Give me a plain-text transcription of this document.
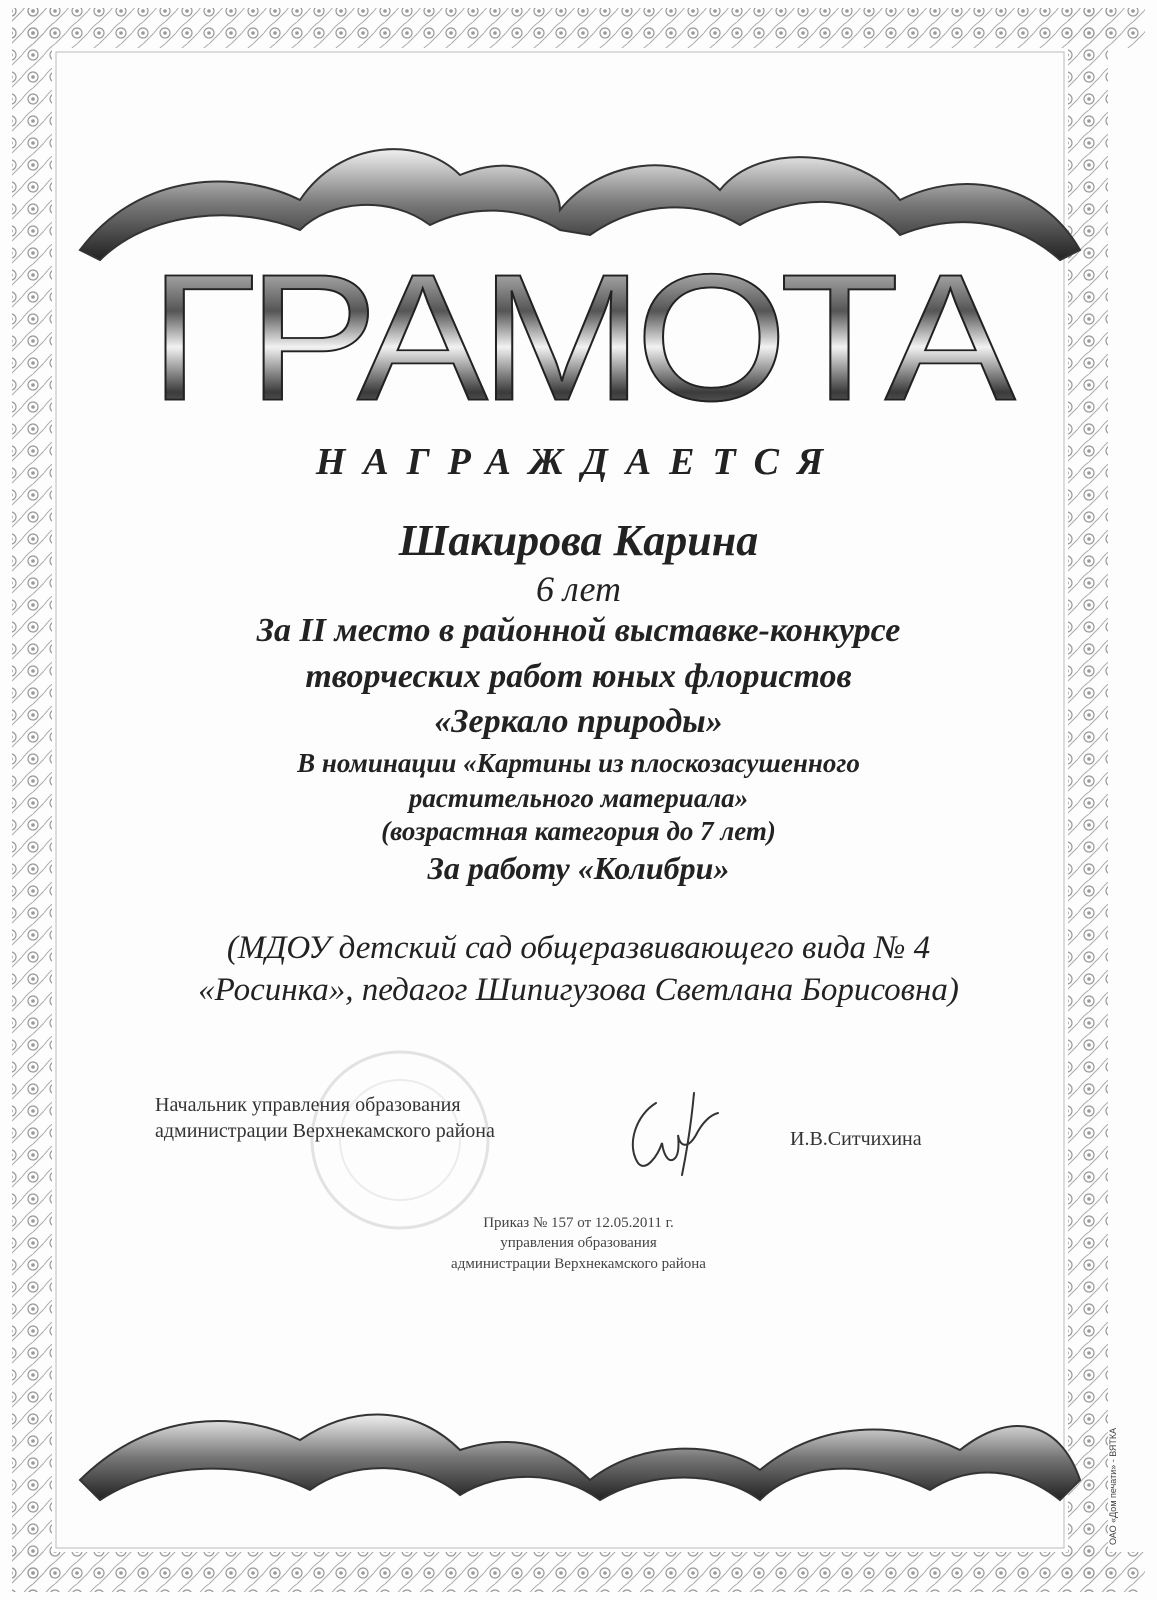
ГРАМОТА
НАГРАЖДАЕТСЯ
Шакирова Карина
6 лет
За II место в районной выставке-конкурсе
творческих работ юных флористов
«Зеркало природы»
В номинации «Картины из плоскозасушенного
растительного материала»
(возрастная категория до 7 лет)
За работу «Колибри»
(МДОУ детский сад общеразвивающего вида № 4
«Росинка», педагог Шипигузова Светлана Борисовна)
Начальник управления образования
администрации Верхнекамского района	И.В.Ситчихина
Приказ № 157 от 12.05.2011 г.
управления образования
администрации Верхнекамского района
ОАО «Дом печати» - ВЯТКА
